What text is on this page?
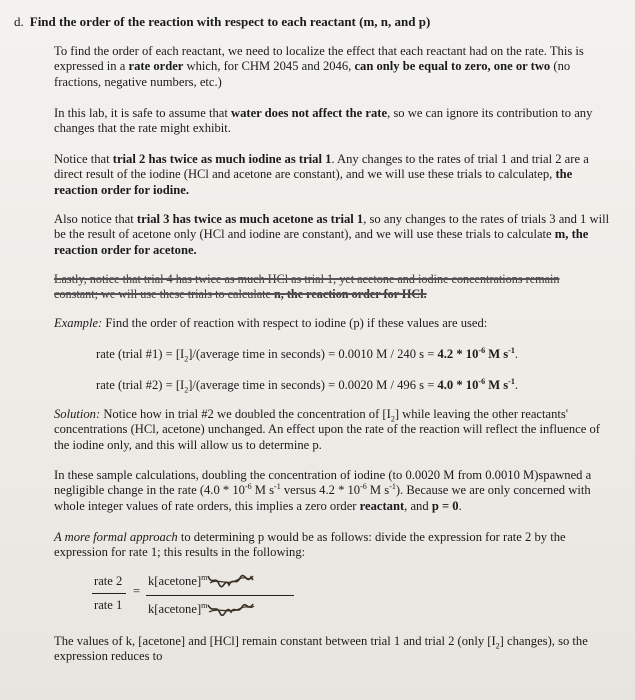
d. Find the order of the reaction with respect to each reactant (m, n, and p)

To find the order of each reactant, we need to localize the effect that each reactant had on the rate. This is expressed in a rate order which, for CHM 2045 and 2046, can only be equal to zero, one or two (no fractions, negative numbers, etc.)

In this lab, it is safe to assume that water does not affect the rate, so we can ignore its contribution to any changes that the rate might exhibit.

Notice that trial 2 has twice as much iodine as trial 1. Any changes to the rates of trial 1 and trial 2 are a direct result of the iodine (HCl and acetone are constant), and we will use these trials to calculatep, the reaction order for iodine.

Also notice that trial 3 has twice as much acetone as trial 1, so any changes to the rates of trials 3 and 1 will be the result of acetone only (HCl and iodine are constant), and we will use these trials to calculate m, the reaction order for acetone.

Lastly, notice that trial 4 has twice as much HCl as trial 1, yet acetone and iodine concentrations remain
constant; we will use these trials to calculate n, the reaction order for HCl.

Example: Find the order of reaction with respect to iodine (p) if these values are used:

rate (trial #1) = $[I_2]/(average$ time in seconds) = 0.0010 M / 240 $s = 4.2 * 10^{-6}$ M $s^{-1}$.

rate (trial #2) = $[I_2]/(average$ time in seconds) = 0.0020 M / 496 $s = 4.0 * 10^{-6}$ M $s^{-1}$.

Solution: Notice how in trial #2 we doubled the concentration of $[I_2]$ while leaving the other reactants' concentrations (HCl, acetone) unchanged. An effect upon the rate of the reaction will reflect the influence of the iodine only, and this will allow us to determine p.

In these sample calculations, doubling the concentration of iodine (to 0.0020 M from 0.0010 M)spawned a negligible change in the rate ($4.0 * 10^{-6}$ M $s^{-1}$ versus $4.2 * 10^{-6}$ M $s^{-1}$). Because we are only concerned with whole integer values of rate orders, this implies a zero order reactant, and p = 0.

A more formal approach to determining p would be as follows: divide the expression for rate 2 by the expression for rate 1; this results in the following:

rate 2
rate 1
=
k[acetone]$^m$
k[acetone]$^m$

The values of k, [acetone] and [HCl] remain constant between trial 1 and trial 2 (only $[I_2]$ changes), so the expression reduces to
